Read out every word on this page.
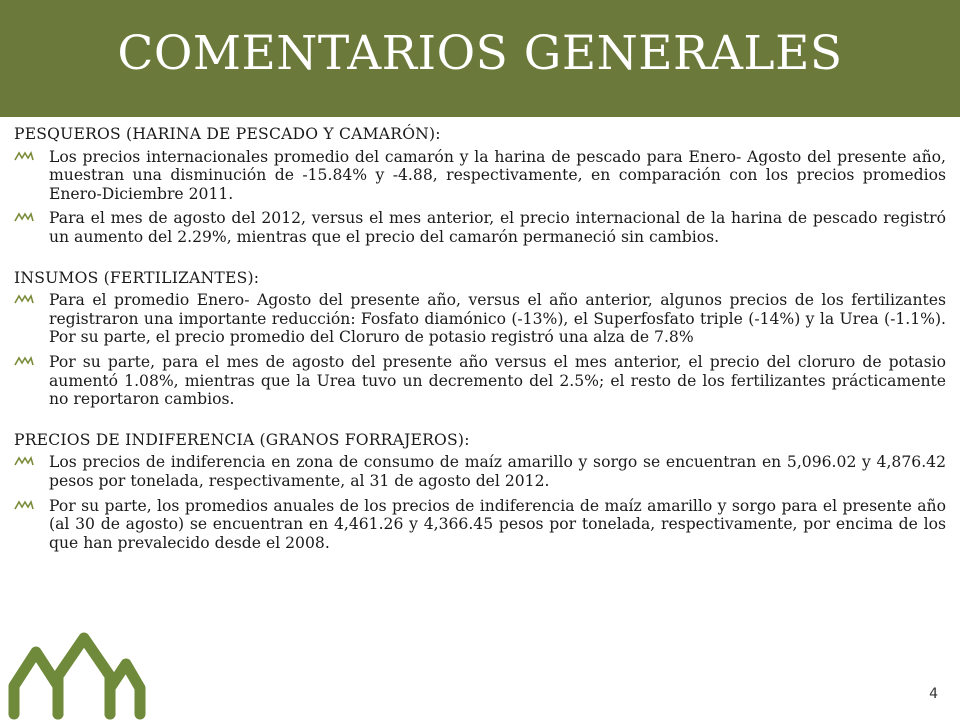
COMENTARIOS GENERALES
PESQUEROS (HARINA DE PESCADO Y CAMARÓN):
Los precios internacionales promedio del camarón y la harina de pescado para Enero- Agosto del presente año, muestran una disminución de -15.84% y -4.88, respectivamente, en comparación con los precios promedios Enero-Diciembre 2011.
Para el mes de agosto del 2012, versus el mes anterior, el precio internacional de la harina de pescado registró un aumento del 2.29%, mientras que el precio del camarón permaneció sin cambios.
INSUMOS (FERTILIZANTES):
Para el promedio Enero- Agosto del presente año, versus el año anterior, algunos precios de los fertilizantes registraron una importante reducción: Fosfato diamónico (-13%), el Superfosfato triple (-14%) y la Urea (-1.1%). Por su parte, el precio promedio del Cloruro de potasio registró una alza de 7.8%
Por su parte, para el mes de agosto del presente año versus el mes anterior, el precio del cloruro de potasio aumentó 1.08%, mientras que la Urea tuvo un decremento del 2.5%; el resto de los fertilizantes prácticamente no reportaron cambios.
PRECIOS DE INDIFERENCIA (GRANOS FORRAJEROS):
Los precios de indiferencia en zona de consumo de maíz amarillo y sorgo se encuentran en 5,096.02 y 4,876.42 pesos por tonelada, respectivamente, al 31 de agosto del 2012.
Por su parte, los promedios anuales de los precios de indiferencia de maíz amarillo y sorgo para el presente año (al 30 de agosto) se encuentran en 4,461.26 y 4,366.45 pesos por tonelada, respectivamente, por encima de los que han prevalecido desde el 2008.
4
